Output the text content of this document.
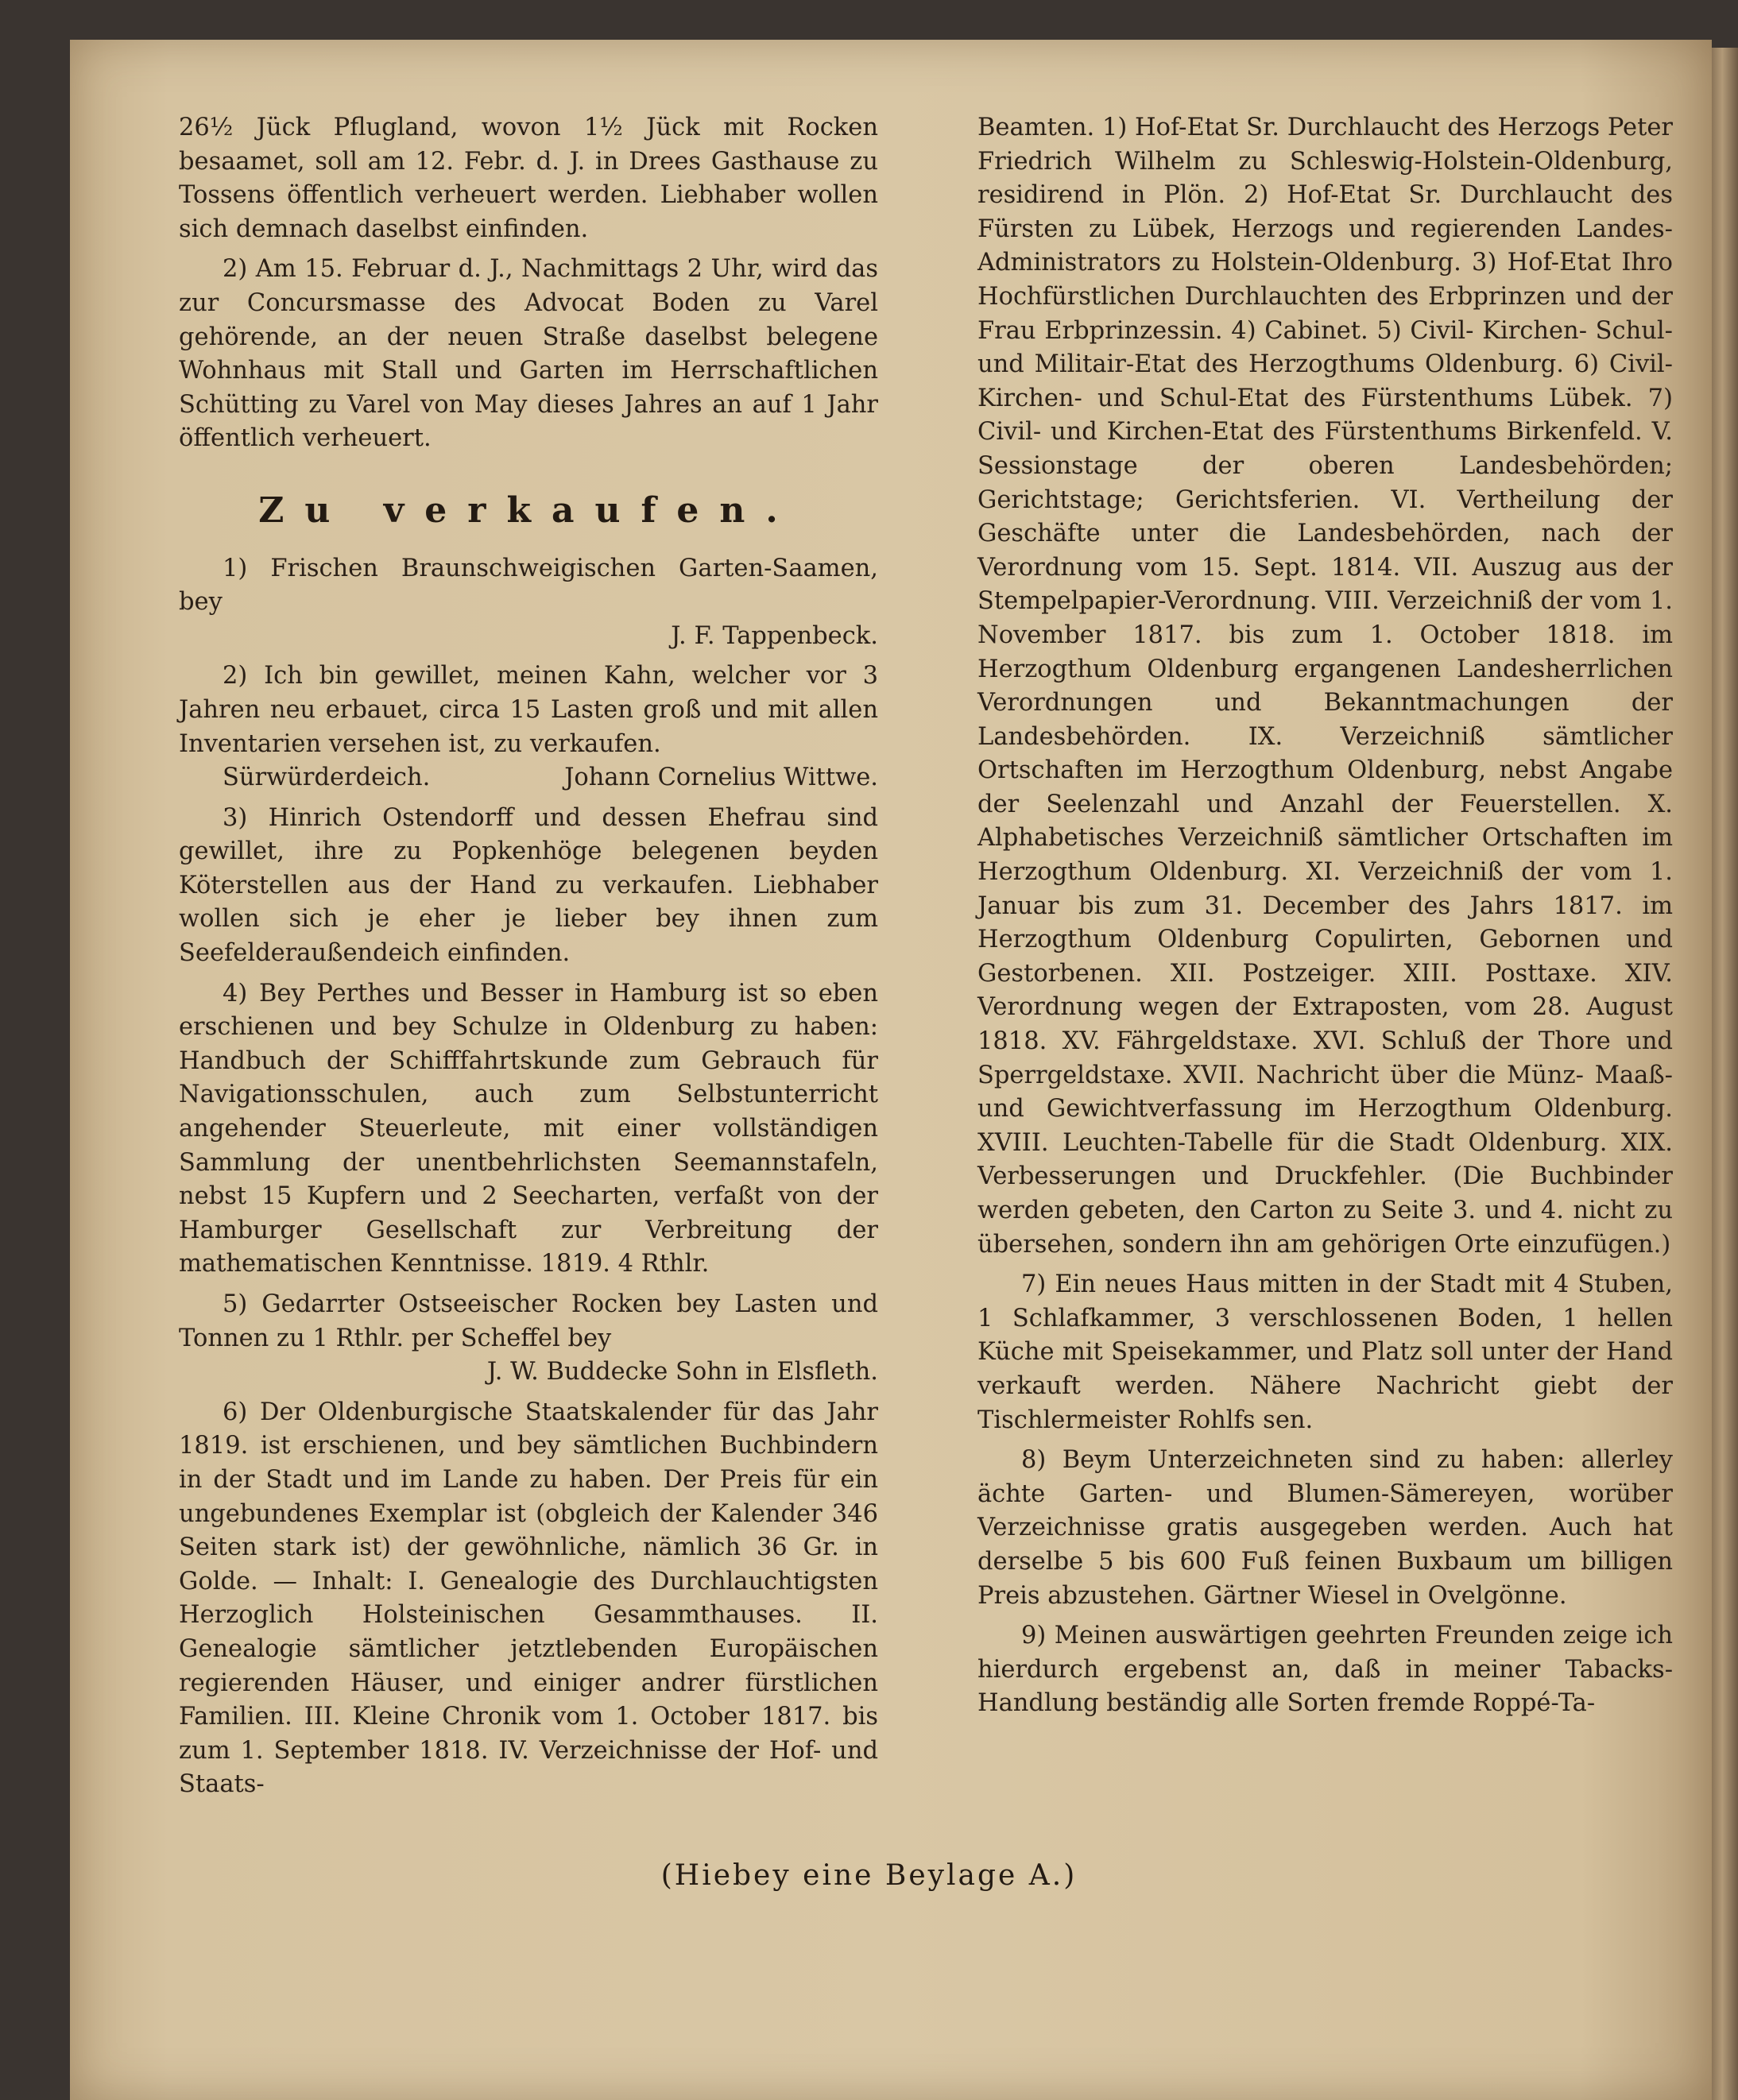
26½ Jück Pflugland, wovon 1½ Jück mit Rocken besaamet, soll am 12. Febr. d. J. in Drees Gasthause zu Tossens öffentlich verheuert werden. Liebhaber wollen sich demnach daselbst einfinden.

2) Am 15. Februar d. J., Nachmittags 2 Uhr, wird das zur Concursmasse des Advocat Boden zu Varel gehörende, an der neuen Straße daselbst belegene Wohnhaus mit Stall und Garten im Herrschaftlichen Schütting zu Varel von May dieses Jahres an auf 1 Jahr öffentlich verheuert.

Zu verkaufen.

1) Frischen Braunschweigischen Garten-Saamen, bey
J. F. Tappenbeck.

2) Ich bin gewillet, meinen Kahn, welcher vor 3 Jahren neu erbauet, circa 15 Lasten groß und mit allen Inventarien versehen ist, zu verkaufen.
Sürwürderdeich.	Johann Cornelius Wittwe.

3) Hinrich Ostendorff und dessen Ehefrau sind gewillet, ihre zu Popkenhöge belegenen beyden Köterstellen aus der Hand zu verkaufen. Liebhaber wollen sich je eher je lieber bey ihnen zum Seefelderaußendeich einfinden.

4) Bey Perthes und Besser in Hamburg ist so eben erschienen und bey Schulze in Oldenburg zu haben: Handbuch der Schifffahrtskunde zum Gebrauch für Navigationsschulen, auch zum Selbstunterricht angehender Steuerleute, mit einer vollständigen Sammlung der unentbehrlichsten Seemannstafeln, nebst 15 Kupfern und 2 Seecharten, verfaßt von der Hamburger Gesellschaft zur Verbreitung der mathematischen Kenntnisse. 1819. 4 Rthlr.

5) Gedarrter Ostseeischer Rocken bey Lasten und Tonnen zu 1 Rthlr. per Scheffel bey
J. W. Buddecke Sohn in Elsfleth.

6) Der Oldenburgische Staatskalender für das Jahr 1819. ist erschienen, und bey sämtlichen Buchbindern in der Stadt und im Lande zu haben. Der Preis für ein ungebundenes Exemplar ist (obgleich der Kalender 346 Seiten stark ist) der gewöhnliche, nämlich 36 Gr. in Golde. — Inhalt: I. Genealogie des Durchlauchtigsten Herzoglich Holsteinischen Gesammthauses. II. Genealogie sämtlicher jetztlebenden Europäischen regierenden Häuser, und einiger andrer fürstlichen Familien. III. Kleine Chronik vom 1. October 1817. bis zum 1. September 1818. IV. Verzeichnisse der Hof- und Staats-

Beamten. 1) Hof-Etat Sr. Durchlaucht des Herzogs Peter Friedrich Wilhelm zu Schleswig-Holstein-Oldenburg, residirend in Plön. 2) Hof-Etat Sr. Durchlaucht des Fürsten zu Lübek, Herzogs und regierenden Landes-Administrators zu Holstein-Oldenburg. 3) Hof-Etat Ihro Hochfürstlichen Durchlauchten des Erbprinzen und der Frau Erbprinzessin. 4) Cabinet. 5) Civil- Kirchen- Schul- und Militair-Etat des Herzogthums Oldenburg. 6) Civil- Kirchen- und Schul-Etat des Fürstenthums Lübek. 7) Civil- und Kirchen-Etat des Fürstenthums Birkenfeld. V. Sessionstage der oberen Landesbehörden; Gerichtstage; Gerichtsferien. VI. Vertheilung der Geschäfte unter die Landesbehörden, nach der Verordnung vom 15. Sept. 1814. VII. Auszug aus der Stempelpapier-Verordnung. VIII. Verzeichniß der vom 1. November 1817. bis zum 1. October 1818. im Herzogthum Oldenburg ergangenen Landesherrlichen Verordnungen und Bekanntmachungen der Landesbehörden. IX. Verzeichniß sämtlicher Ortschaften im Herzogthum Oldenburg, nebst Angabe der Seelenzahl und Anzahl der Feuerstellen. X. Alphabetisches Verzeichniß sämtlicher Ortschaften im Herzogthum Oldenburg. XI. Verzeichniß der vom 1. Januar bis zum 31. December des Jahrs 1817. im Herzogthum Oldenburg Copulirten, Gebornen und Gestorbenen. XII. Postzeiger. XIII. Posttaxe. XIV. Verordnung wegen der Extraposten, vom 28. August 1818. XV. Fährgeldstaxe. XVI. Schluß der Thore und Sperrgeldstaxe. XVII. Nachricht über die Münz- Maaß- und Gewichtverfassung im Herzogthum Oldenburg. XVIII. Leuchten-Tabelle für die Stadt Oldenburg. XIX. Verbesserungen und Druckfehler. (Die Buchbinder werden gebeten, den Carton zu Seite 3. und 4. nicht zu übersehen, sondern ihn am gehörigen Orte einzufügen.)

7) Ein neues Haus mitten in der Stadt mit 4 Stuben, 1 Schlafkammer, 3 verschlossenen Boden, 1 hellen Küche mit Speisekammer, und Platz soll unter der Hand verkauft werden. Nähere Nachricht giebt der Tischlermeister Rohlfs sen.

8) Beym Unterzeichneten sind zu haben: allerley ächte Garten- und Blumen-Sämereyen, worüber Verzeichnisse gratis ausgegeben werden. Auch hat derselbe 5 bis 600 Fuß feinen Buxbaum um billigen Preis abzustehen. Gärtner Wiesel in Ovelgönne.

9) Meinen auswärtigen geehrten Freunden zeige ich hierdurch ergebenst an, daß in meiner Tabacks-Handlung beständig alle Sorten fremde Roppé-Ta-

(Hiebey eine Beylage A.)
